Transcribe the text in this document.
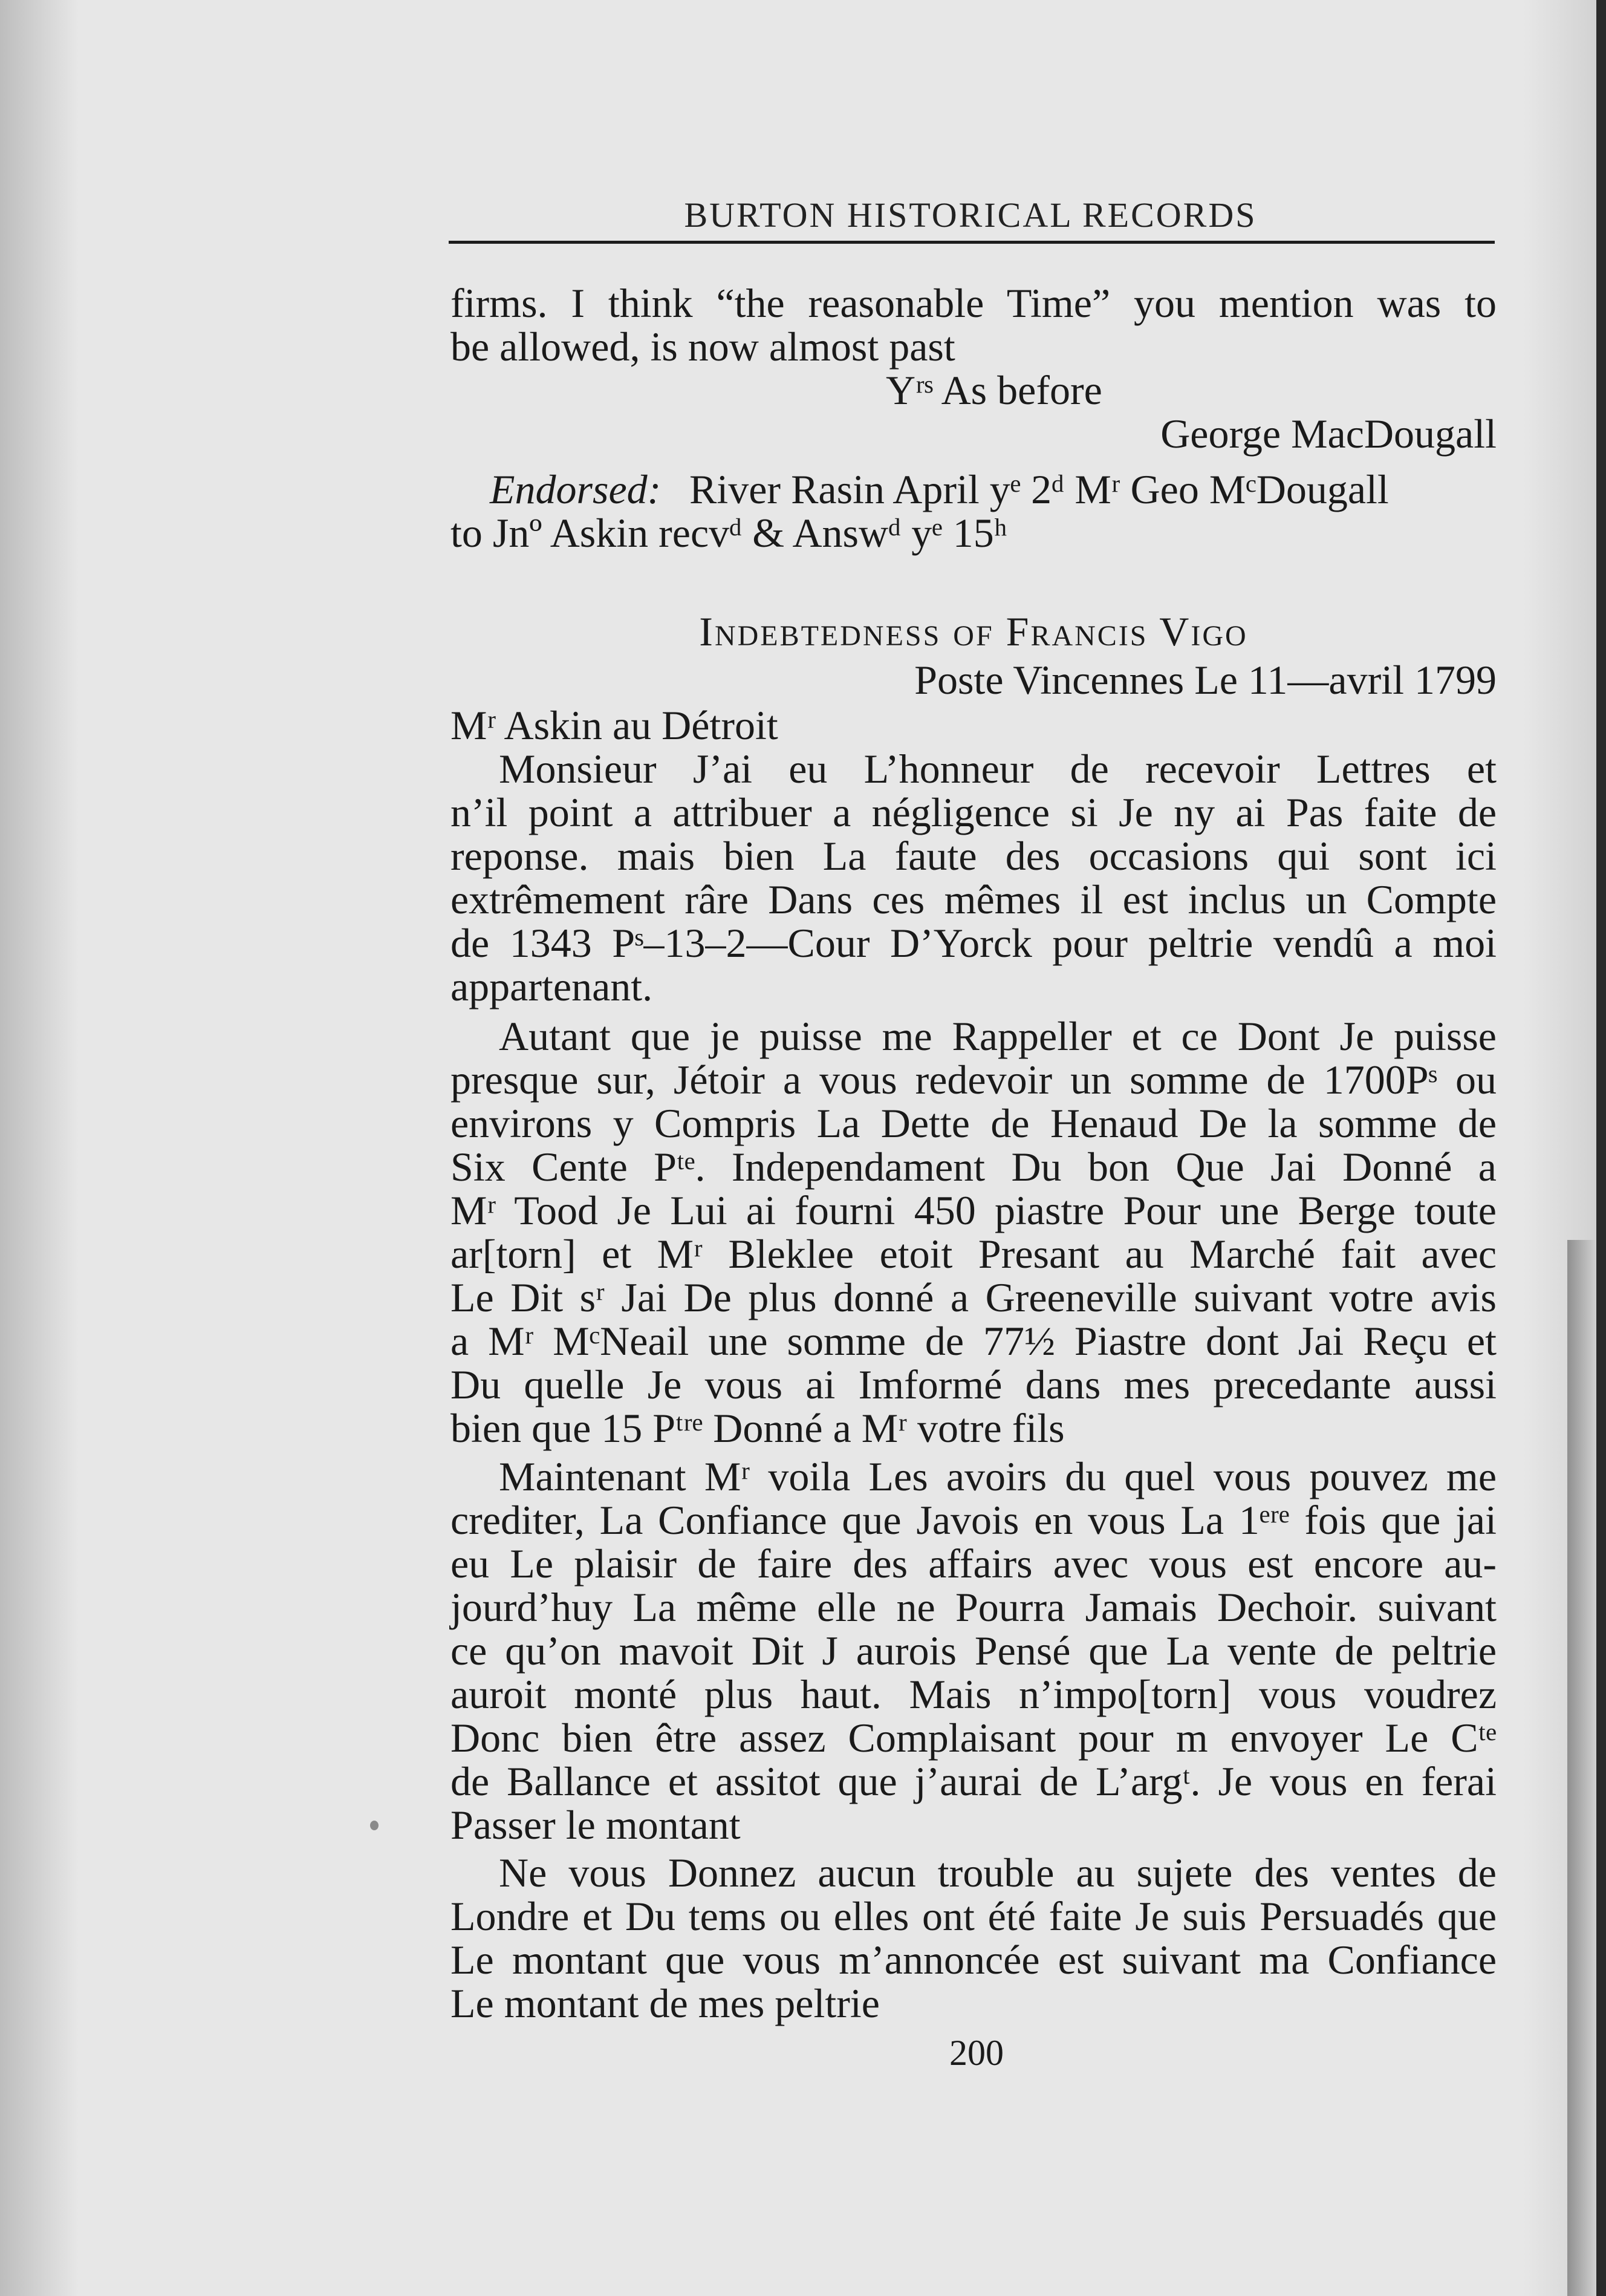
BURTON HISTORICAL RECORDS
firms. I think “the reasonable Time” you mention was to
be allowed, is now almost past
Yʳˢ As before
George MacDougall
Endorsed: River Rasin April yᵉ 2ᵈ Mʳ Geo MᶜDougall
to Jnº Askin recvᵈ & Answᵈ yᵉ 15ʰ
Indebtedness of Francis Vigo
Poste Vincennes Le 11—avril 1799
Mʳ Askin au Détroit
Monsieur J’ai eu L’honneur de recevoir Lettres et
n’il point a attribuer a négligence si Je ny ai Pas faite de
reponse. mais bien La faute des occasions qui sont ici
extrêmement râre Dans ces mêmes il est inclus un Compte
de 1343 Pˢ–13–2—Cour D’Yorck pour peltrie vendû a moi
appartenant.
Autant que je puisse me Rappeller et ce Dont Je puisse
presque sur, Jétoir a vous redevoir un somme de 1700Pˢ ou
environs y Compris La Dette de Henaud De la somme de
Six Cente Pᵗᵉ. Independament Du bon Que Jai Donné a
Mʳ Tood Je Lui ai fourni 450 piastre Pour une Berge toute
ar[torn] et Mʳ Bleklee etoit Presant au Marché fait avec
Le Dit sʳ Jai De plus donné a Greeneville suivant votre avis
a Mʳ MᶜNeail une somme de 77½ Piastre dont Jai Reçu et
Du quelle Je vous ai Imformé dans mes precedante aussi
bien que 15 Pᵗʳᵉ Donné a Mʳ votre fils
Maintenant Mʳ voila Les avoirs du quel vous pouvez me
crediter, La Confiance que Javois en vous La 1ᵉʳᵉ fois que jai
eu Le plaisir de faire des affairs avec vous est encore au-
jourd’huy La même elle ne Pourra Jamais Dechoir. suivant
ce qu’on mavoit Dit J aurois Pensé que La vente de peltrie
auroit monté plus haut. Mais n’impo[torn] vous voudrez
Donc bien être assez Complaisant pour m envoyer Le Cᵗᵉ
de Ballance et assitot que j’aurai de L’argᵗ. Je vous en ferai
Passer le montant
Ne vous Donnez aucun trouble au sujete des ventes de
Londre et Du tems ou elles ont été faite Je suis Persuadés que
Le montant que vous m’annoncée est suivant ma Confiance
Le montant de mes peltrie
200
